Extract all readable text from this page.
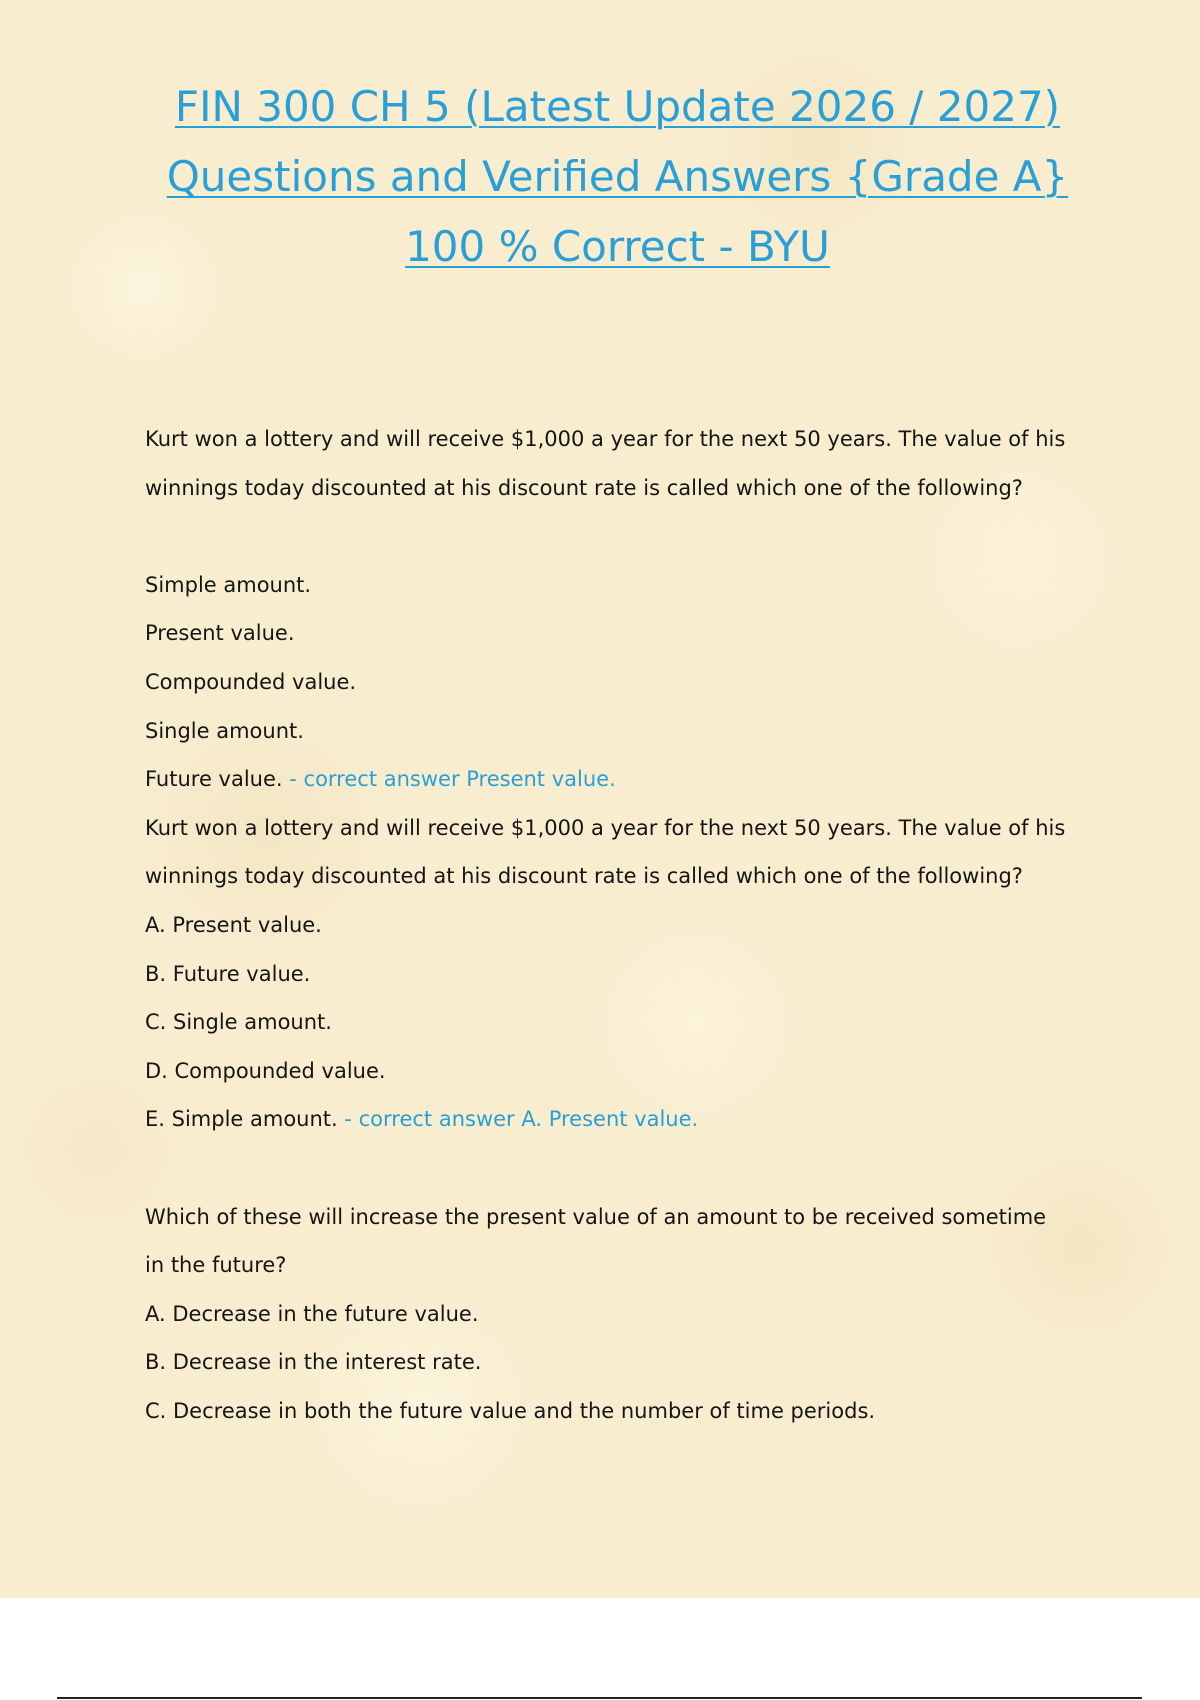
FIN 300 CH 5 (Latest Update 2026 / 2027)
Questions and Verified Answers {Grade A}
100 % Correct - BYU
Kurt won a lottery and will receive $1,000 a year for the next 50 years. The value of his
winnings today discounted at his discount rate is called which one of the following?
Simple amount.
Present value.
Compounded value.
Single amount.
Future value. - correct answer Present value.
Kurt won a lottery and will receive $1,000 a year for the next 50 years. The value of his
winnings today discounted at his discount rate is called which one of the following?
A. Present value.
B. Future value.
C. Single amount.
D. Compounded value.
E. Simple amount. - correct answer A. Present value.
Which of these will increase the present value of an amount to be received sometime
in the future?
A. Decrease in the future value.
B. Decrease in the interest rate.
C. Decrease in both the future value and the number of time periods.
